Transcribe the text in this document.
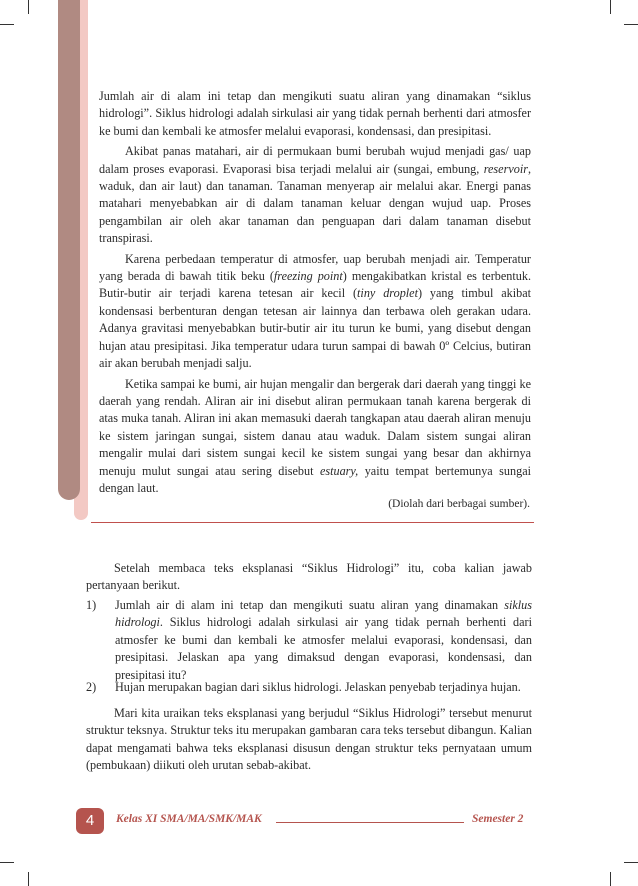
Jumlah air di alam ini tetap dan mengikuti suatu aliran yang dinamakan “siklus hidrologi”. Siklus hidrologi adalah sirkulasi air yang tidak pernah berhenti dari atmosfer ke bumi dan kembali ke atmosfer melalui evaporasi, kondensasi, dan presipitasi.

Akibat panas matahari, air di permukaan bumi berubah wujud menjadi gas/ uap dalam proses evaporasi. Evaporasi bisa terjadi melalui air (sungai, embung, reservoir, waduk, dan air laut) dan tanaman. Tanaman menyerap air melalui akar. Energi panas matahari menyebabkan air di dalam tanaman keluar dengan wujud uap. Proses pengambilan air oleh akar tanaman dan penguapan dari dalam tanaman disebut transpirasi.

Karena perbedaan temperatur di atmosfer, uap berubah menjadi air. Temperatur yang berada di bawah titik beku (freezing point) mengakibatkan kristal es terbentuk. Butir-butir air terjadi karena tetesan air kecil (tiny droplet) yang timbul akibat kondensasi berbenturan dengan tetesan air lainnya dan terbawa oleh gerakan udara. Adanya gravitasi menyebabkan butir-butir air itu turun ke bumi, yang disebut dengan hujan atau presipitasi. Jika temperatur udara turun sampai di bawah 0º Celcius, butiran air akan berubah menjadi salju.

Ketika sampai ke bumi, air hujan mengalir dan bergerak dari daerah yang tinggi ke daerah yang rendah. Aliran air ini disebut aliran permukaan tanah karena bergerak di atas muka tanah. Aliran ini akan memasuki daerah tangkapan atau daerah aliran menuju ke sistem jaringan sungai, sistem danau atau waduk. Dalam sistem sungai aliran mengalir mulai dari sistem sungai kecil ke sistem sungai yang besar dan akhirnya menuju mulut sungai atau sering disebut estuary, yaitu tempat bertemunya sungai dengan laut.

(Diolah dari berbagai sumber).
Setelah membaca teks eksplanasi “Siklus Hidrologi” itu, coba kalian jawab pertanyaan berikut.
1) Jumlah air di alam ini tetap dan mengikuti suatu aliran yang dinamakan siklus hidrologi. Siklus hidrologi adalah sirkulasi air yang tidak pernah berhenti dari atmosfer ke bumi dan kembali ke atmosfer melalui evaporasi, kondensasi, dan presipitasi. Jelaskan apa yang dimaksud dengan evaporasi, kondensasi, dan presipitasi itu?
2) Hujan merupakan bagian dari siklus hidrologi. Jelaskan penyebab terjadinya hujan.
Mari kita uraikan teks eksplanasi yang berjudul “Siklus Hidrologi” tersebut menurut struktur teksnya. Struktur teks itu merupakan gambaran cara teks tersebut dibangun. Kalian dapat mengamati bahwa teks eksplanasi disusun dengan struktur teks pernyataan umum (pembukaan) diikuti oleh urutan sebab-akibat.
4	Kelas XI SMA/MA/SMK/MAK	Semester 2
